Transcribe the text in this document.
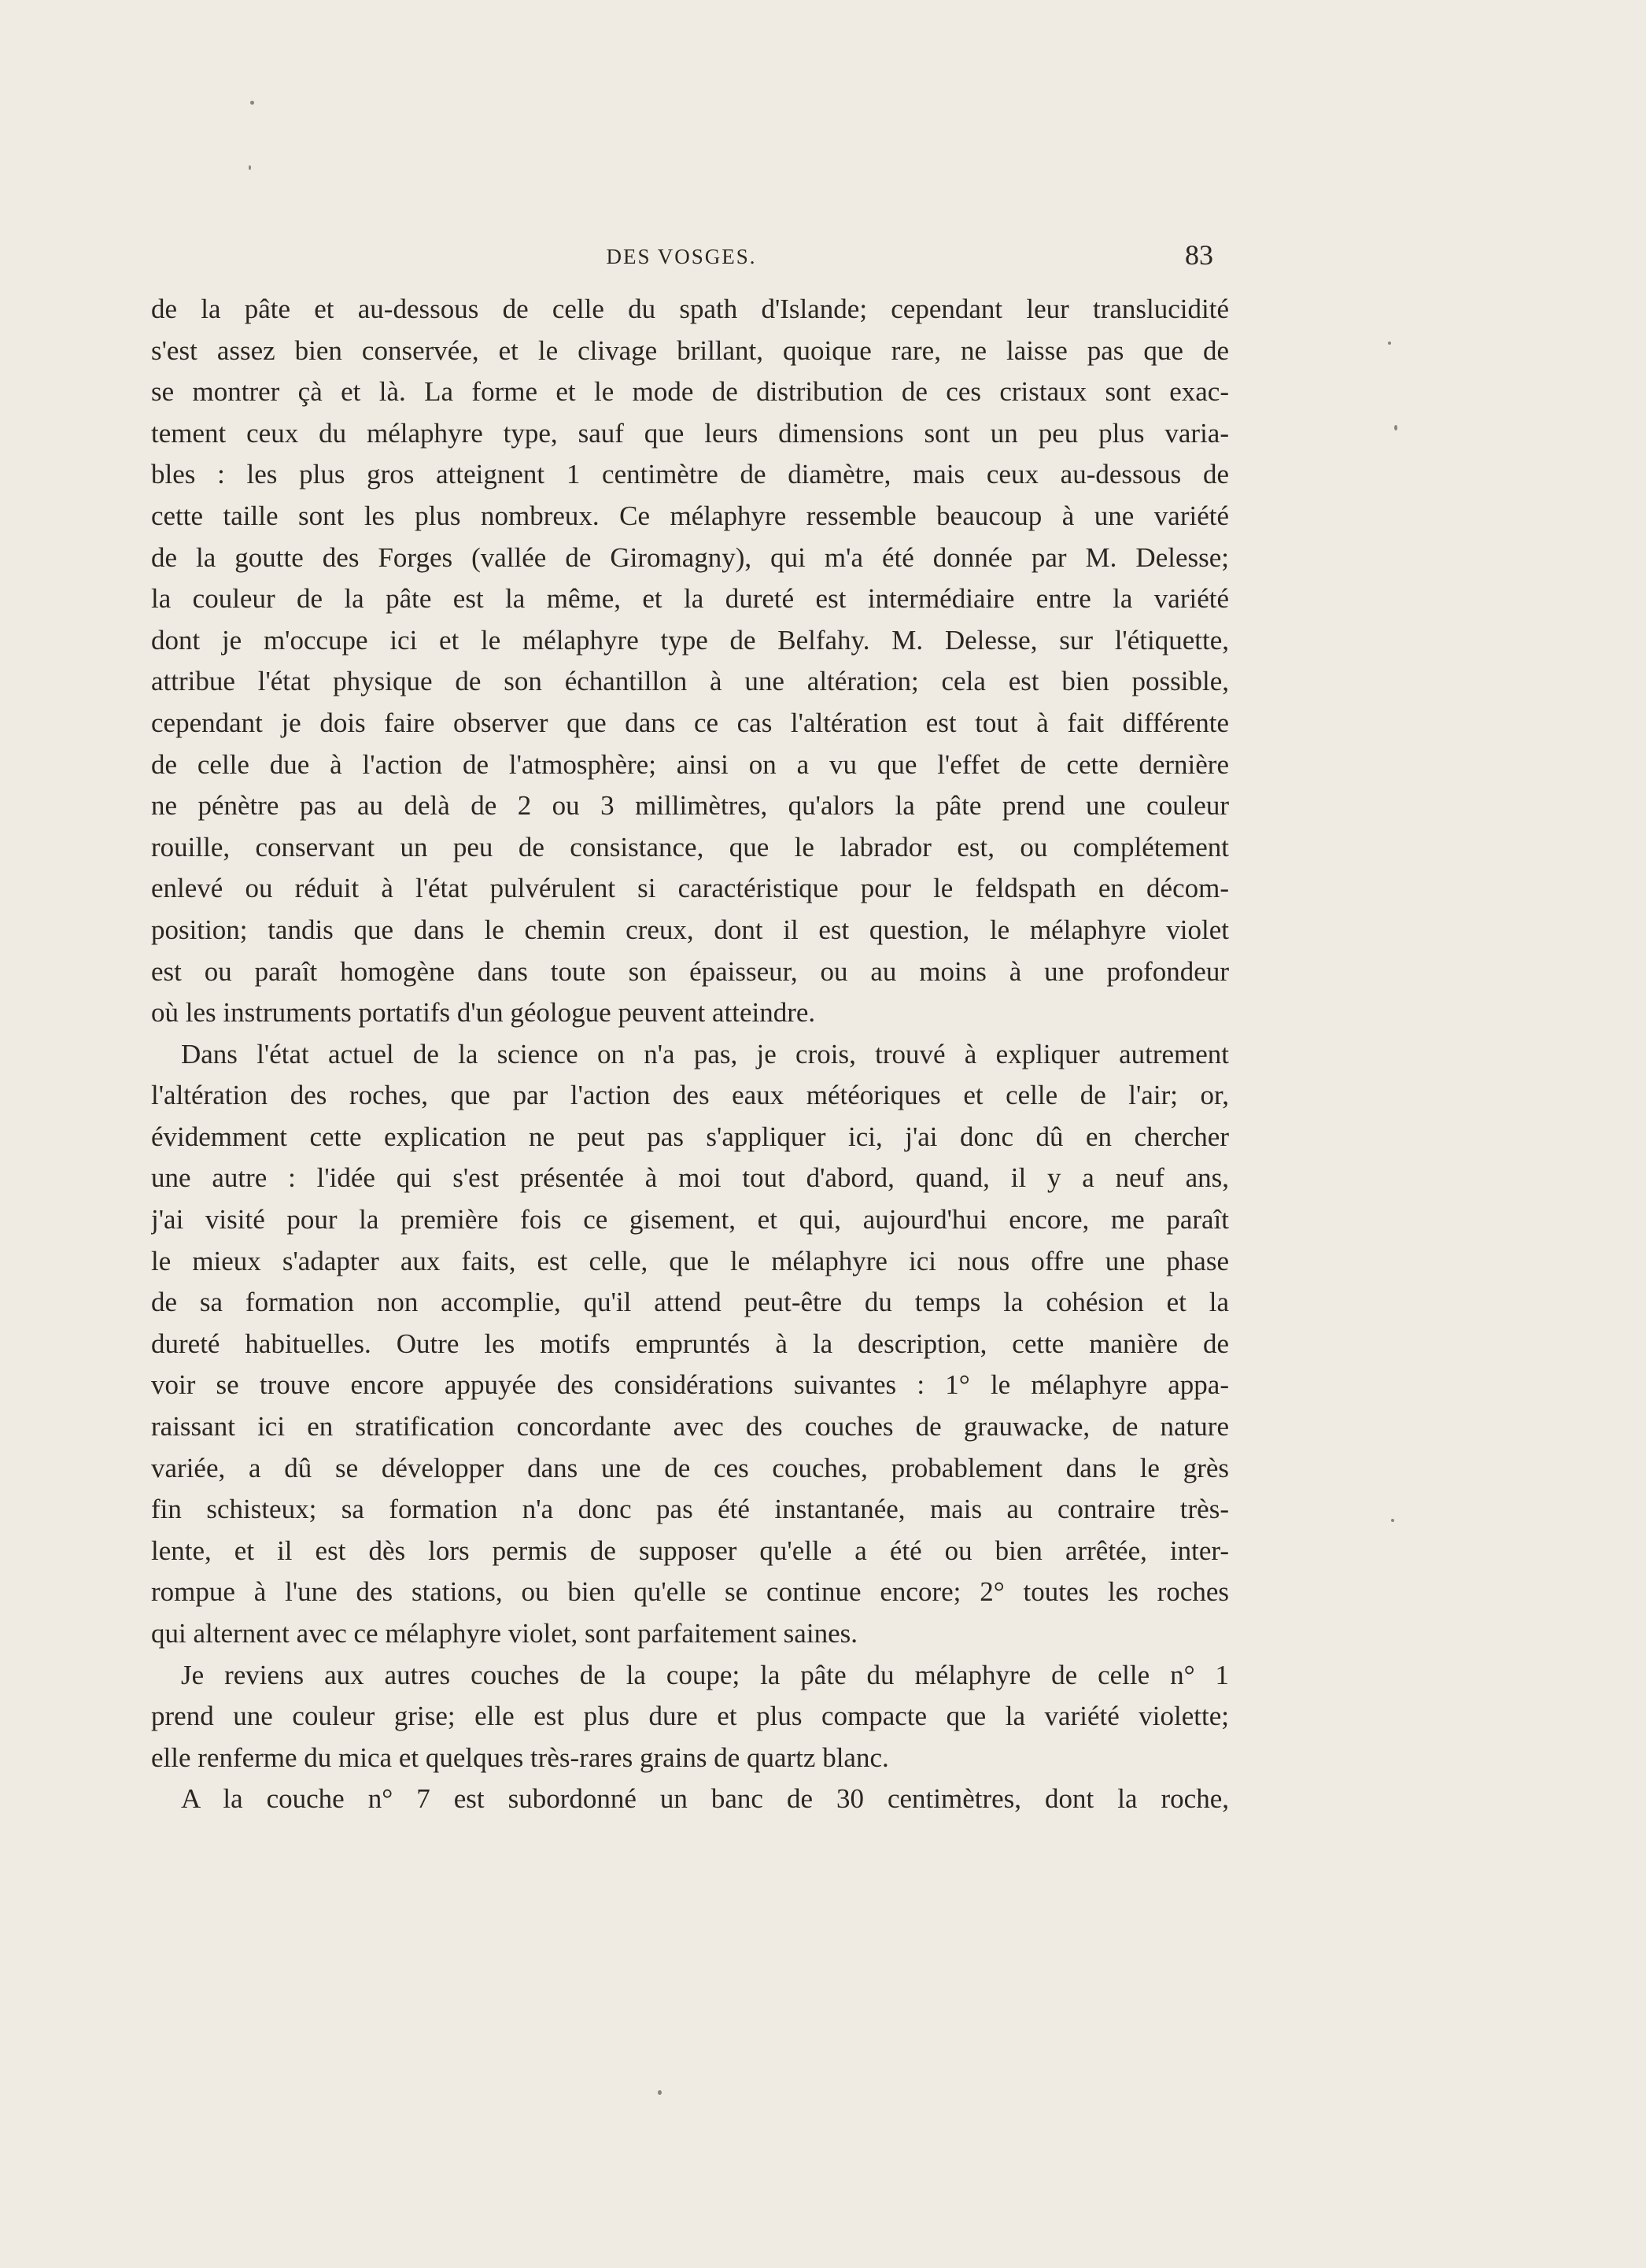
DES VOSGES.	83
de la pâte et au-dessous de celle du spath d'Islande; cependant leur translucidité
s'est assez bien conservée, et le clivage brillant, quoique rare, ne laisse pas que de
se montrer çà et là. La forme et le mode de distribution de ces cristaux sont exac-
tement ceux du mélaphyre type, sauf que leurs dimensions sont un peu plus varia-
bles : les plus gros atteignent 1 centimètre de diamètre, mais ceux au-dessous de
cette taille sont les plus nombreux. Ce mélaphyre ressemble beaucoup à une variété
de la goutte des Forges (vallée de Giromagny), qui m'a été donnée par M. Delesse;
la couleur de la pâte est la même, et la dureté est intermédiaire entre la variété
dont je m'occupe ici et le mélaphyre type de Belfahy. M. Delesse, sur l'étiquette,
attribue l'état physique de son échantillon à une altération; cela est bien possible,
cependant je dois faire observer que dans ce cas l'altération est tout à fait différente
de celle due à l'action de l'atmosphère; ainsi on a vu que l'effet de cette dernière
ne pénètre pas au delà de 2 ou 3 millimètres, qu'alors la pâte prend une couleur
rouille, conservant un peu de consistance, que le labrador est, ou complétement
enlevé ou réduit à l'état pulvérulent si caractéristique pour le feldspath en décom-
position; tandis que dans le chemin creux, dont il est question, le mélaphyre violet
est ou paraît homogène dans toute son épaisseur, ou au moins à une profondeur
où les instruments portatifs d'un géologue peuvent atteindre.
Dans l'état actuel de la science on n'a pas, je crois, trouvé à expliquer autrement
l'altération des roches, que par l'action des eaux météoriques et celle de l'air; or,
évidemment cette explication ne peut pas s'appliquer ici, j'ai donc dû en chercher
une autre : l'idée qui s'est présentée à moi tout d'abord, quand, il y a neuf ans,
j'ai visité pour la première fois ce gisement, et qui, aujourd'hui encore, me paraît
le mieux s'adapter aux faits, est celle, que le mélaphyre ici nous offre une phase
de sa formation non accomplie, qu'il attend peut-être du temps la cohésion et la
dureté habituelles. Outre les motifs empruntés à la description, cette manière de
voir se trouve encore appuyée des considérations suivantes : 1° le mélaphyre appa-
raissant ici en stratification concordante avec des couches de grauwacke, de nature
variée, a dû se développer dans une de ces couches, probablement dans le grès
fin schisteux; sa formation n'a donc pas été instantanée, mais au contraire très-
lente, et il est dès lors permis de supposer qu'elle a été ou bien arrêtée, inter-
rompue à l'une des stations, ou bien qu'elle se continue encore; 2° toutes les roches
qui alternent avec ce mélaphyre violet, sont parfaitement saines.
Je reviens aux autres couches de la coupe; la pâte du mélaphyre de celle n° 1
prend une couleur grise; elle est plus dure et plus compacte que la variété violette;
elle renferme du mica et quelques très-rares grains de quartz blanc.
A la couche n° 7 est subordonné un banc de 30 centimètres, dont la roche,
